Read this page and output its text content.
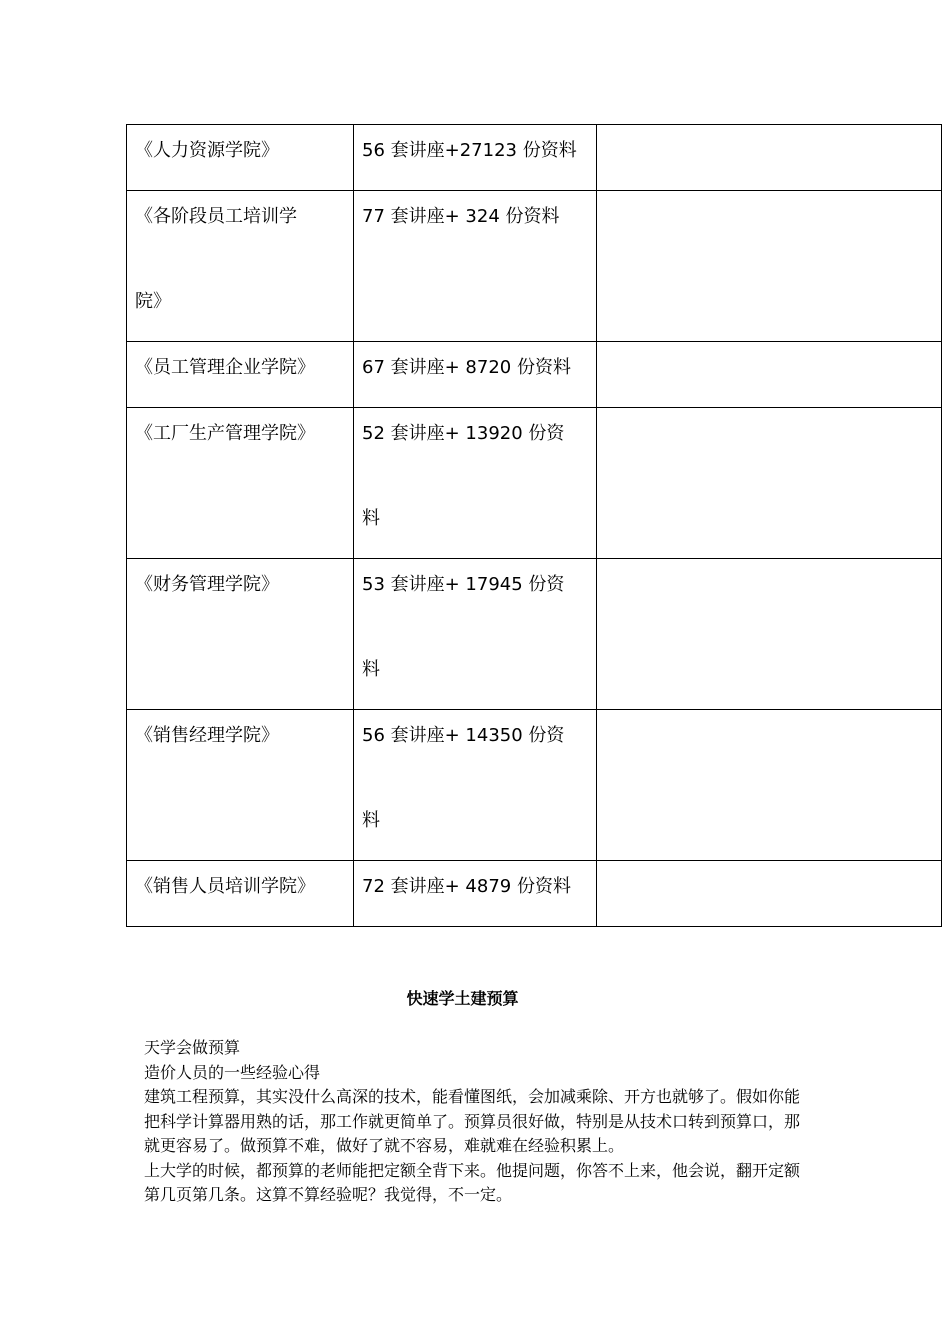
《人力资源学院》	56 套讲座+27123 份资料	

《各阶段员工培训学
院》	77 套讲座+ 324 份资料	

《员工管理企业学院》	67 套讲座+ 8720 份资料	

《工厂生产管理学院》	52 套讲座+ 13920 份资
料	

《财务管理学院》	53 套讲座+ 17945 份资
料	

《销售经理学院》	56 套讲座+ 14350 份资
料	

《销售人员培训学院》	72 套讲座+ 4879 份资料	

快速学土建预算

天学会做预算

造价人员的一些经验心得

建筑工程预算，其实没什么高深的技术，能看懂图纸，会加减乘除、开方也就够了。假如你能把科学计算器用熟的话，那工作就更简单了。预算员很好做，特别是从技术口转到预算口，那就更容易了。做预算不难，做好了就不容易，难就难在经验积累上。

上大学的时候，都预算的老师能把定额全背下来。他提问题，你答不上来，他会说，翻开定额第几页第几条。这算不算经验呢？我觉得，不一定。
